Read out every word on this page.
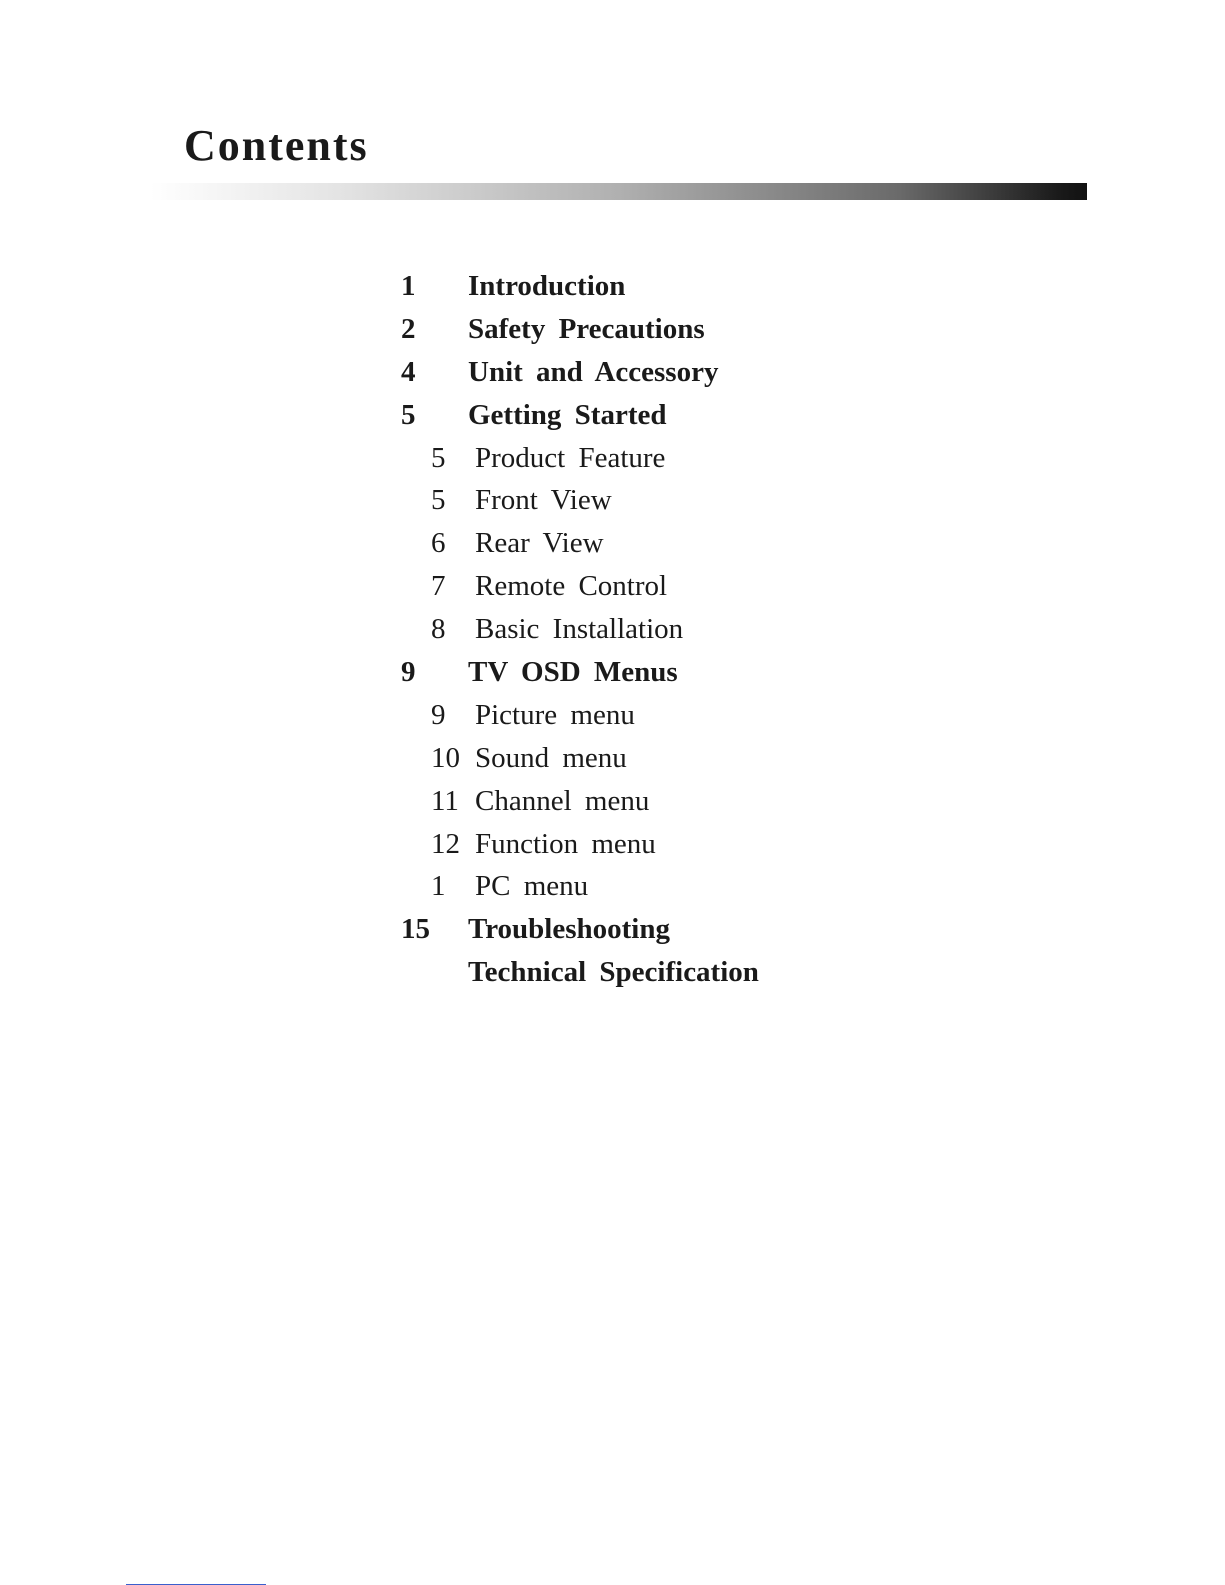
Contents
1 Introduction
2 Safety Precautions
4 Unit and Accessory
5 Getting Started
5 Product Feature
5 Front View
6 Rear View
7 Remote Control
8 Basic Installation
9 TV OSD Menus
9 Picture menu
10 Sound menu
11 Channel menu
12 Function menu
1 PC menu
15 Troubleshooting
Technical Specification
